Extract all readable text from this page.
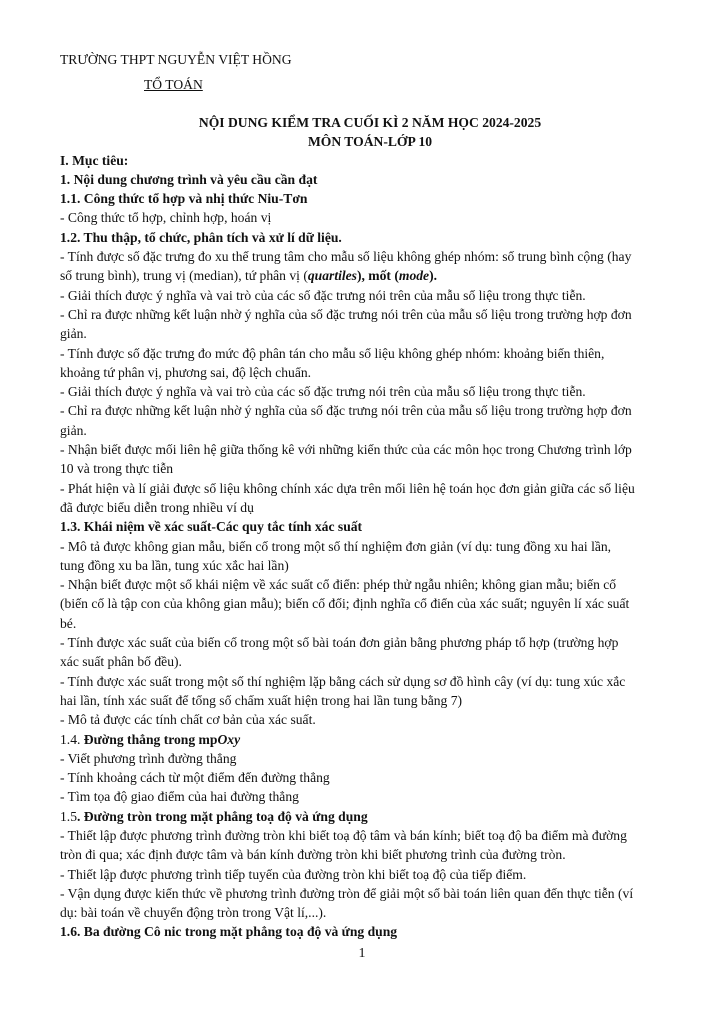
TRƯỜNG THPT NGUYỄN VIỆT HỒNG
TỔ TOÁN
NỘI DUNG KIỂM TRA CUỐI KÌ 2 NĂM HỌC 2024-2025
MÔN TOÁN-LỚP 10
I. Mục tiêu:
1. Nội dung chương trình và yêu cầu cần đạt
1.1. Công thức tổ hợp và nhị thức Niu-Tơn
- Công thức tổ hợp, chỉnh hợp, hoán vị
1.2. Thu thập, tổ chức, phân tích và xử lí dữ liệu.
- Tính được số đặc trưng đo xu thế trung tâm cho mẫu số liệu không ghép nhóm: số trung bình cộng (hay
số trung bình), trung vị (median), tứ phân vị (quartiles), mốt (mode).
- Giải thích được ý nghĩa và vai trò của các số đặc trưng nói trên của mẫu số liệu trong thực tiễn.
- Chỉ ra được những kết luận nhờ ý nghĩa của số đặc trưng nói trên của mẫu số liệu trong trường hợp đơn
giản.
- Tính được số đặc trưng đo mức độ phân tán cho mẫu số liệu không ghép nhóm: khoảng biến thiên,
khoảng tứ phân vị, phương sai, độ lệch chuẩn.
- Giải thích được ý nghĩa và vai trò của các số đặc trưng nói trên của mẫu số liệu trong thực tiễn.
- Chỉ ra được những kết luận nhờ ý nghĩa của số đặc trưng nói trên của mẫu số liệu trong trường hợp đơn
giản.
- Nhận biết được mối liên hệ giữa thống kê với những kiến thức của các môn học trong Chương trình lớp
10 và trong thực tiễn
- Phát hiện và lí giải được số liệu không chính xác dựa trên mối liên hệ toán học đơn giản giữa các số liệu
đã được biểu diễn trong nhiều ví dụ
1.3. Khái niệm về xác suất-Các quy tắc tính xác suất
- Mô tả được không gian mẫu, biến cố trong một số thí nghiệm đơn giản (ví dụ: tung đồng xu hai lần,
tung đồng xu ba lần, tung xúc xắc hai lần)
- Nhận biết được một số khái niệm về xác suất cổ điển: phép thử ngẫu nhiên; không gian mẫu; biến cố
(biến cố là tập con của không gian mẫu); biến cố đối; định nghĩa cổ điển của xác suất; nguyên lí xác suất
bé.
- Tính được xác suất của biến cố trong một số bài toán đơn giản bằng phương pháp tổ hợp (trường hợp
xác suất phân bố đều).
- Tính được xác suất trong một số thí nghiệm lặp bằng cách sử dụng sơ đồ hình cây (ví dụ: tung xúc xắc
hai lần, tính xác suất để tổng số chấm xuất hiện trong hai lần tung bằng 7)
- Mô tả được các tính chất cơ bản của xác suất.
1.4. Đường thẳng trong mpOxy
- Viết phương trình đường thẳng
- Tính khoảng cách từ một điểm đến đường thẳng
- Tìm tọa độ giao điểm của hai đường thẳng
1.5. Đường tròn trong mặt phẳng toạ độ và ứng dụng
- Thiết lập được phương trình đường tròn khi biết toạ độ tâm và bán kính; biết toạ độ ba điểm mà đường
tròn đi qua; xác định được tâm và bán kính đường tròn khi biết phương trình của đường tròn.
- Thiết lập được phương trình tiếp tuyến của đường tròn khi biết toạ độ của tiếp điểm.
- Vận dụng được kiến thức về phương trình đường tròn để giải một số bài toán liên quan đến thực tiễn (ví
dụ: bài toán về chuyển động tròn trong Vật lí,...).
1.6. Ba đường Cô nic trong mặt phẳng toạ độ và ứng dụng
1
